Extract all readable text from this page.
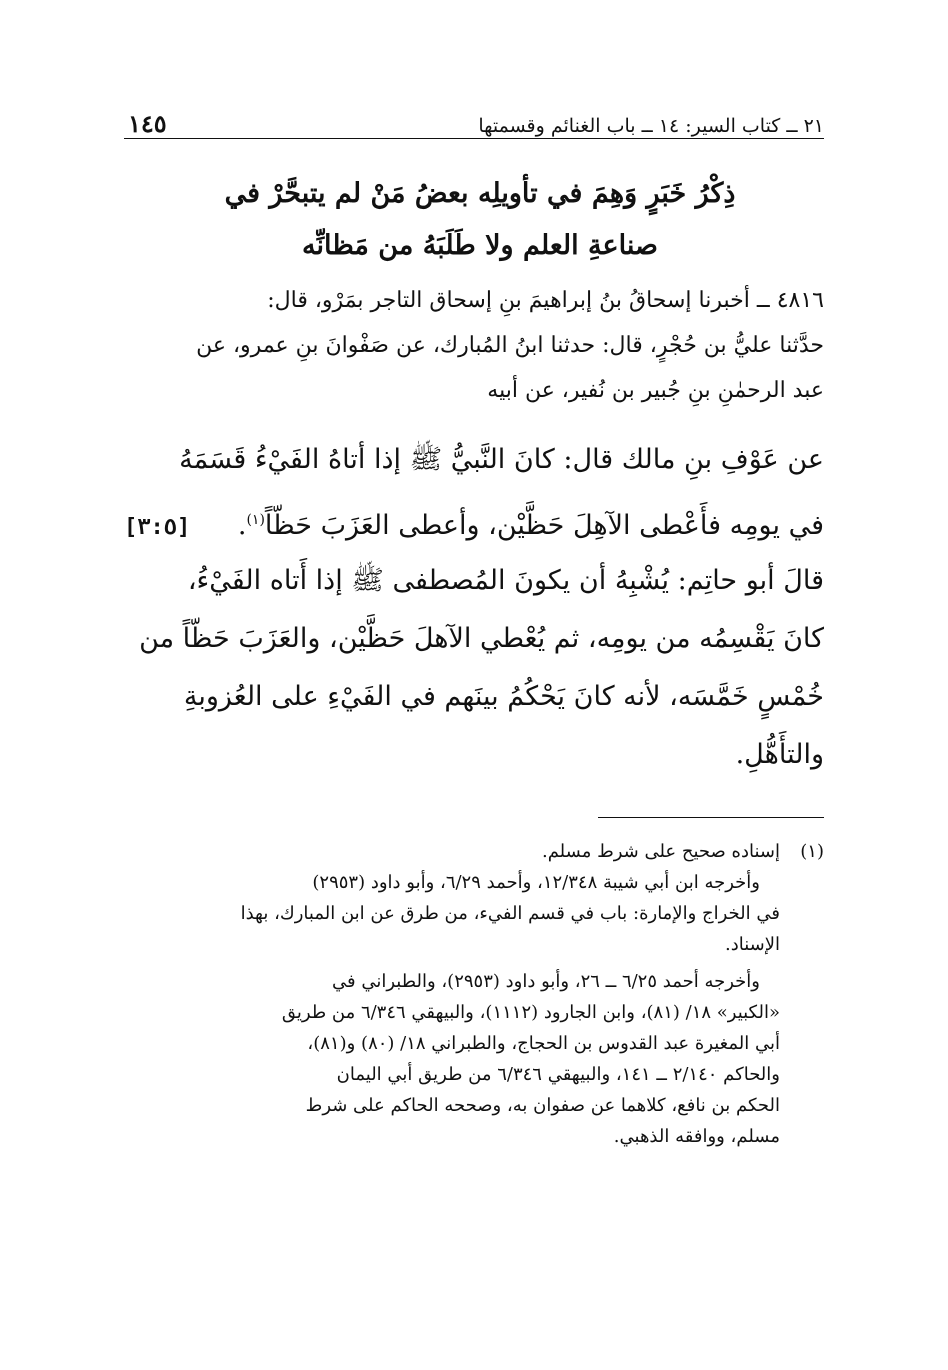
٢١ ــ كتاب السير: ١٤ ــ باب الغنائم وقسمتها
١٤٥
ذِكْرُ خَبَرٍ وَهِمَ في تأويلِه بعضُ مَنْ لم يتبحَّرْ في
صناعةِ العلم ولا طَلَبَهُ من مَظانِّه
٤٨١٦ ــ أخبرنا إسحاقُ بنُ إبراهيمَ بنِ إسحاق التاجر بمَرْو، قال:
حدَّثنا عليُّ بن حُجْرٍ، قال: حدثنا ابنُ المُبارك، عن صَفْوانَ بنِ عمرو، عن
عبد الرحمٰنِ بنِ جُبير بن نُفير، عن أبيه
عن عَوْفِ بنِ مالك قال: كانَ النَّبيُّ ﷺ إذا أتاهُ الفَيْءُ قَسَمَهُ
في يومِه فأَعْطى الآهِلَ حَظَّيْن، وأعطى العَزَبَ حَظّاً$^{(١)}$.
[٣:٥]
قالَ أبو حاتِم: يُشْبِهُ أن يكونَ المُصطفى ﷺ إذا أَتاه الفَيْءُ،
كانَ يَقْسِمُه من يومِه، ثم يُعْطي الآهلَ حَظَّيْن، والعَزَبَ حَظّاً من
خُمْسٍ خَمَّسَه، لأنه كانَ يَحْكُمُ بينَهم في الفَيْءِ على العُزوبةِ
والتأَهُّلِ.
(١)
إسناده صحيح على شرط مسلم.
وأخرجه ابن أبي شيبة ١٢/٣٤٨، وأحمد ٦/٢٩، وأبو داود (٢٩٥٣)
في الخراج والإمارة: باب في قسم الفيء، من طرق عن ابن المبارك، بهذا
الإسناد.
وأخرجه أحمد ٦/٢٥ ــ ٢٦، وأبو داود (٢٩٥٣)، والطبراني في
«الكبير» ١٨/ (٨١)، وابن الجارود (١١١٢)، والبيهقي ٦/٣٤٦ من طريق
أبي المغيرة عبد القدوس بن الحجاج، والطبراني ١٨/ (٨٠) و(٨١)،
والحاكم ٢/١٤٠ ــ ١٤١، والبيهقي ٦/٣٤٦ من طريق أبي اليمان
الحكم بن نافع، كلاهما عن صفوان به، وصححه الحاكم على شرط
مسلم، ووافقه الذهبي.
